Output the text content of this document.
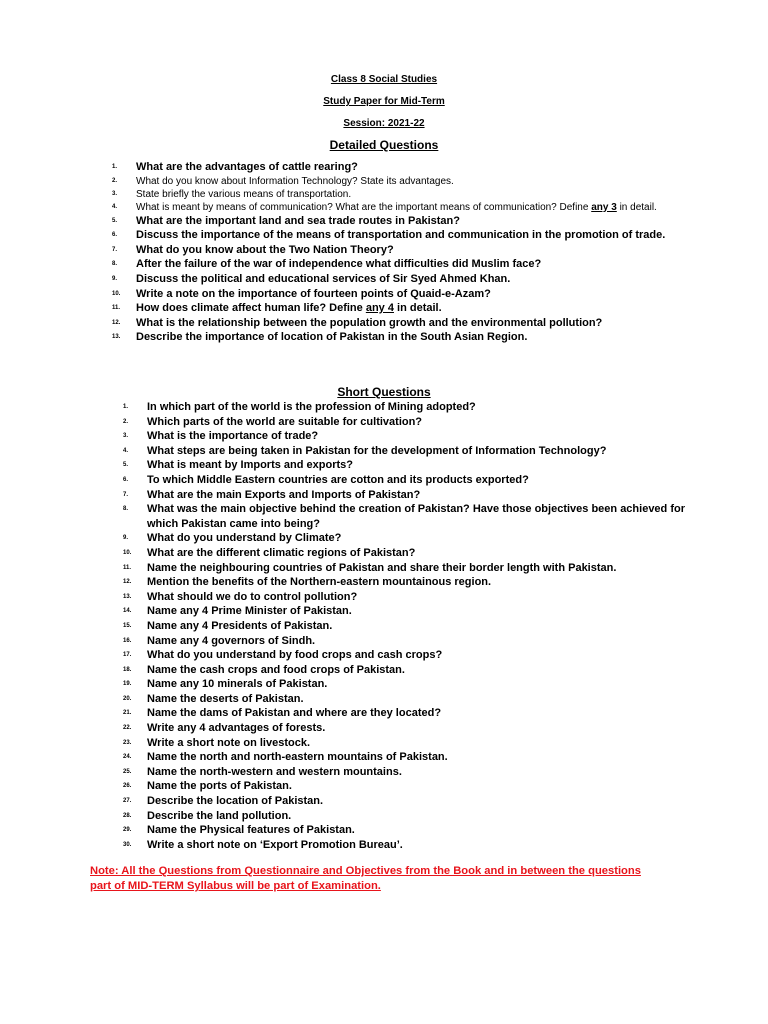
Class 8 Social Studies
Study Paper for Mid-Term
Session: 2021-22
Detailed Questions
1.	What are the advantages of cattle rearing?
2.	What do you know about Information Technology? State its advantages.
3.	State briefly the various means of transportation.
4.	What is meant by means of communication? What are the important means of communication? Define any 3 in detail.
5.	What are the important land and sea trade routes in Pakistan?
6.	Discuss the importance of the means of transportation and communication in the promotion of trade.
7.	What do you know about the Two Nation Theory?
8.	After the failure of the war of independence what difficulties did Muslim face?
9.	Discuss the political and educational services of Sir Syed Ahmed Khan.
10.	Write a note on the importance of fourteen points of Quaid-e-Azam?
11.	How does climate affect human life? Define any 4 in detail.
12.	What is the relationship between the population growth and the environmental pollution?
13.	Describe the importance of location of Pakistan in the South Asian Region.
Short Questions
1.	In which part of the world is the profession of Mining adopted?
2.	Which parts of the world are suitable for cultivation?
3.	What is the importance of trade?
4.	What steps are being taken in Pakistan for the development of Information Technology?
5.	What is meant by Imports and exports?
6.	To which Middle Eastern countries are cotton and its products exported?
7.	What are the main Exports and Imports of Pakistan?
8.	What was the main objective behind the creation of Pakistan? Have those objectives been achieved for which Pakistan came into being?
9.	What do you understand by Climate?
10.	What are the different climatic regions of Pakistan?
11.	Name the neighbouring countries of Pakistan and share their border length with Pakistan.
12.	Mention the benefits of the Northern-eastern mountainous region.
13.	What should we do to control pollution?
14.	Name any 4 Prime Minister of Pakistan.
15.	Name any 4 Presidents of Pakistan.
16.	Name any 4 governors of Sindh.
17.	What do you understand by food crops and cash crops?
18.	Name the cash crops and food crops of Pakistan.
19.	Name any 10 minerals of Pakistan.
20.	Name the deserts of Pakistan.
21.	Name the dams of Pakistan and where are they located?
22.	Write any 4 advantages of forests.
23.	Write a short note on livestock.
24.	Name the north and north-eastern mountains of Pakistan.
25.	Name the north-western and western mountains.
26.	Name the ports of Pakistan.
27.	Describe the location of Pakistan.
28.	Describe the land pollution.
29.	Name the Physical features of Pakistan.
30.	Write a short note on ‘Export Promotion Bureau’.
Note: All the Questions from Questionnaire and Objectives from the Book and in between the questions part of MID-TERM Syllabus will be part of Examination.
